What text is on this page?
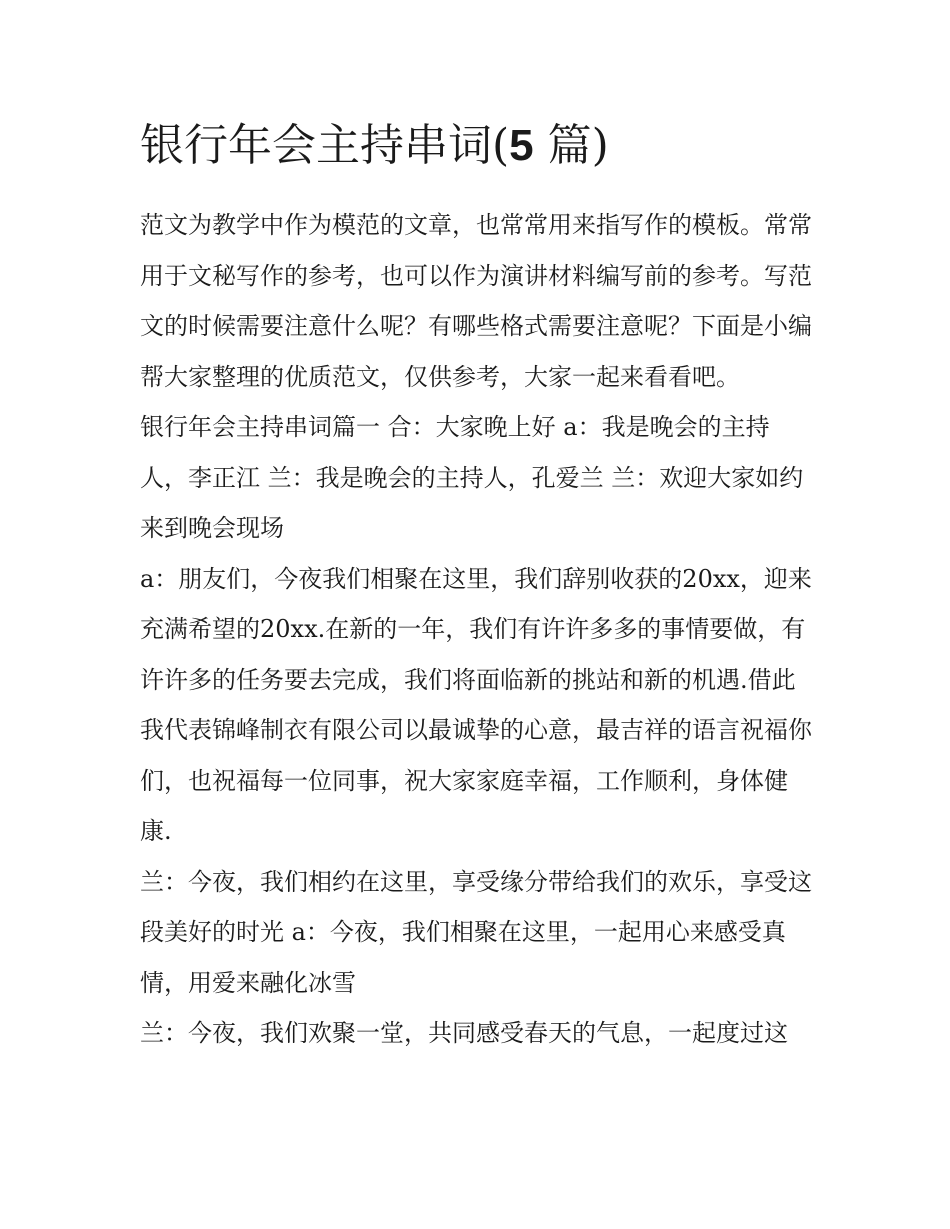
银行年会主持串词(5 篇)

范文为教学中作为模范的文章，也常常用来指写作的模板。常常用于文秘写作的参考，也可以作为演讲材料编写前的参考。写范文的时候需要注意什么呢？有哪些格式需要注意呢？下面是小编帮大家整理的优质范文，仅供参考，大家一起来看看吧。

银行年会主持串词篇一 合：大家晚上好 a：我是晚会的主持人，李正江 兰：我是晚会的主持人，孔爱兰 兰：欢迎大家如约来到晚会现场

a：朋友们，今夜我们相聚在这里，我们辞别收获的20xx，迎来充满希望的20xx.在新的一年，我们有许许多多的事情要做，有许许多的任务要去完成，我们将面临新的挑站和新的机遇.借此我代表锦峰制衣有限公司以最诚挚的心意，最吉祥的语言祝福你们，也祝福每一位同事，祝大家家庭幸福，工作顺利，身体健康.

兰：今夜，我们相约在这里，享受缘分带给我们的欢乐，享受这段美好的时光 a：今夜，我们相聚在这里，一起用心来感受真情，用爱来融化冰雪

兰：今夜，我们欢聚一堂，共同感受春天的气息，一起度过这
